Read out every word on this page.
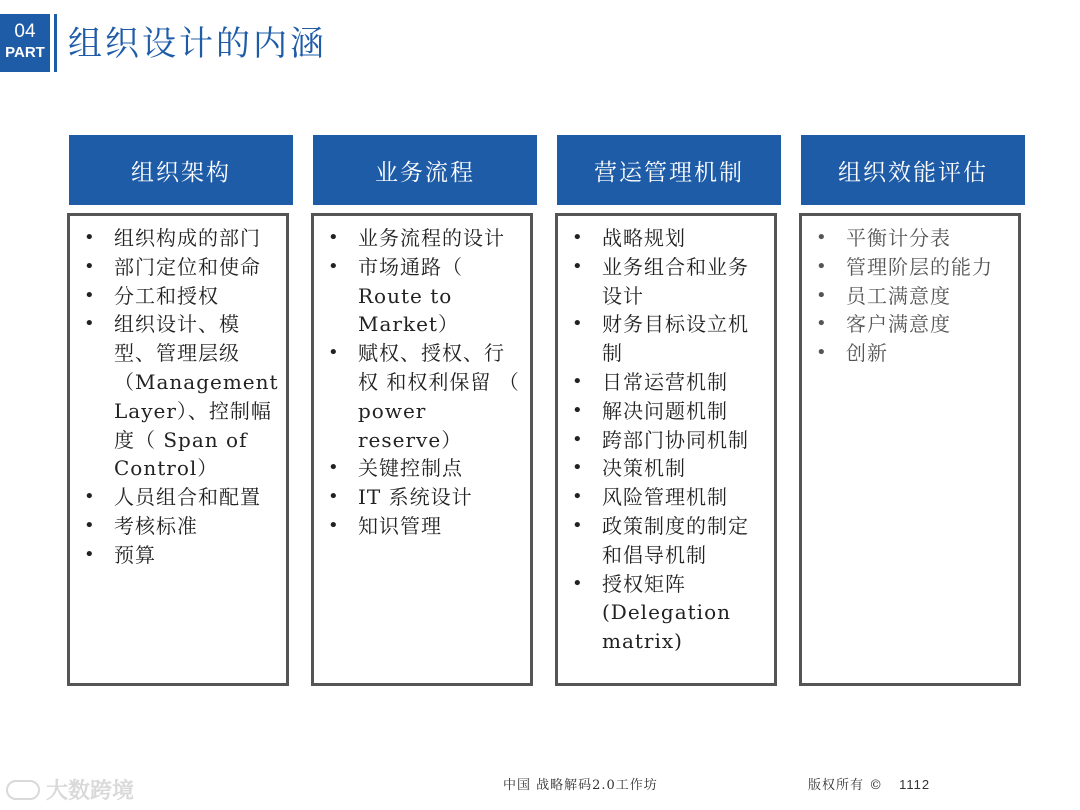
04
PART 组织设计的内涵
组织架构
• 组织构成的部门
• 部门定位和使命
• 分工和授权
• 组织设计、模型、管理层级（Management Layer）、控制幅度（ Span of Control）
• 人员组合和配置
• 考核标准
• 预算
业务流程
• 业务流程的设计
• 市场通路（ Route to Market）
• 赋权、授权、行权 和权利保留 （ power reserve）
• 关键控制点
• IT 系统设计
• 知识管理
营运管理机制
• 战略规划
• 业务组合和业务设计
• 财务目标设立机制
• 日常运营机制
• 解决问题机制
• 跨部门协同机制
• 决策机制
• 风险管理机制
• 政策制度的制定和倡导机制
• 授权矩阵(Delegation matrix)
组织效能评估
• 平衡计分表
• 管理阶层的能力
• 员工满意度
• 客户满意度
• 创新
大数跨境	中国 战略解码2.0工作坊	版权所有 © 1112
